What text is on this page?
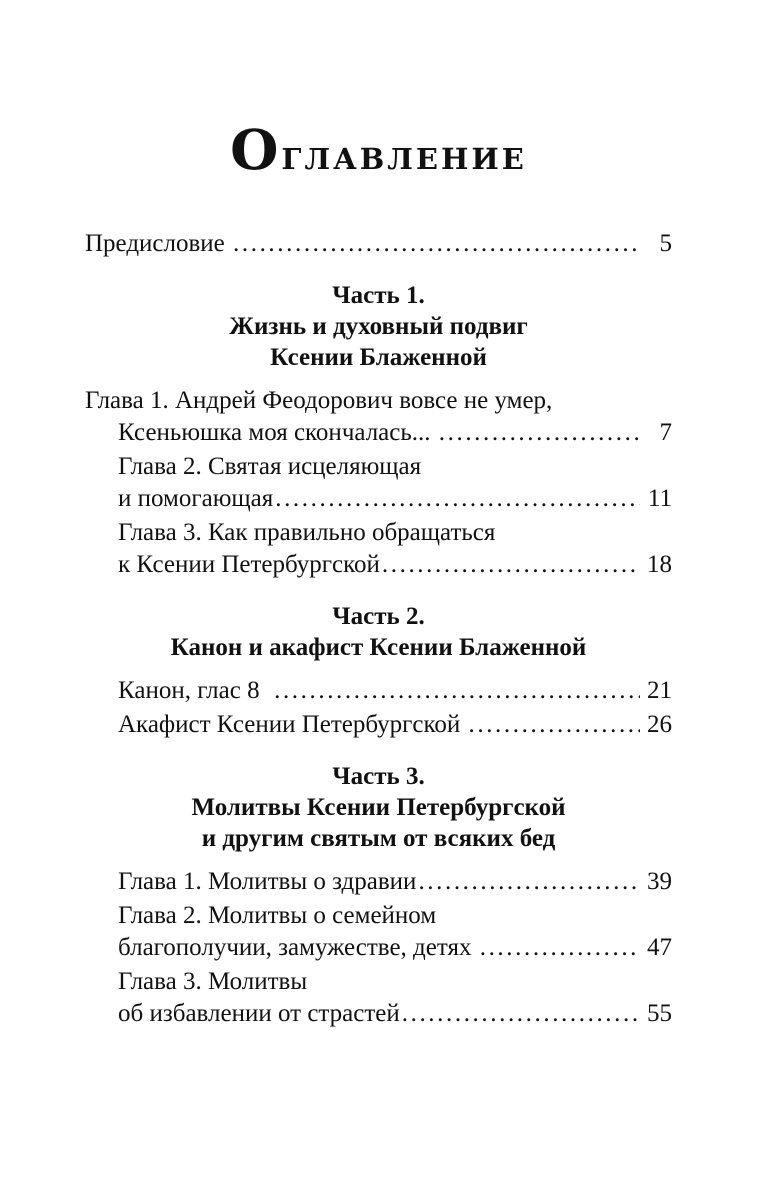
Оглавление
Предисловие .....	5
Часть 1.
Жизнь и духовный подвиг
Ксении Блаженной
Глава 1. Андрей Феодорович вовсе не умер,
Ксеньюшка моя скончалась... .....	7
Глава 2. Святая исцеляющая
и помогающая .....	11
Глава 3. Как правильно обращаться
к Ксении Петербургской .....	18
Часть 2.
Канон и акафист Ксении Блаженной
Канон, глас 8 .....	21
Акафист Ксении Петербургской .....	26
Часть 3.
Молитвы Ксении Петербургской
и другим святым от всяких бед
Глава 1. Молитвы о здравии .....	39
Глава 2. Молитвы о семейном
благополучии, замужестве, детях .....	47
Глава 3. Молитвы
об избавлении от страстей .....	55
